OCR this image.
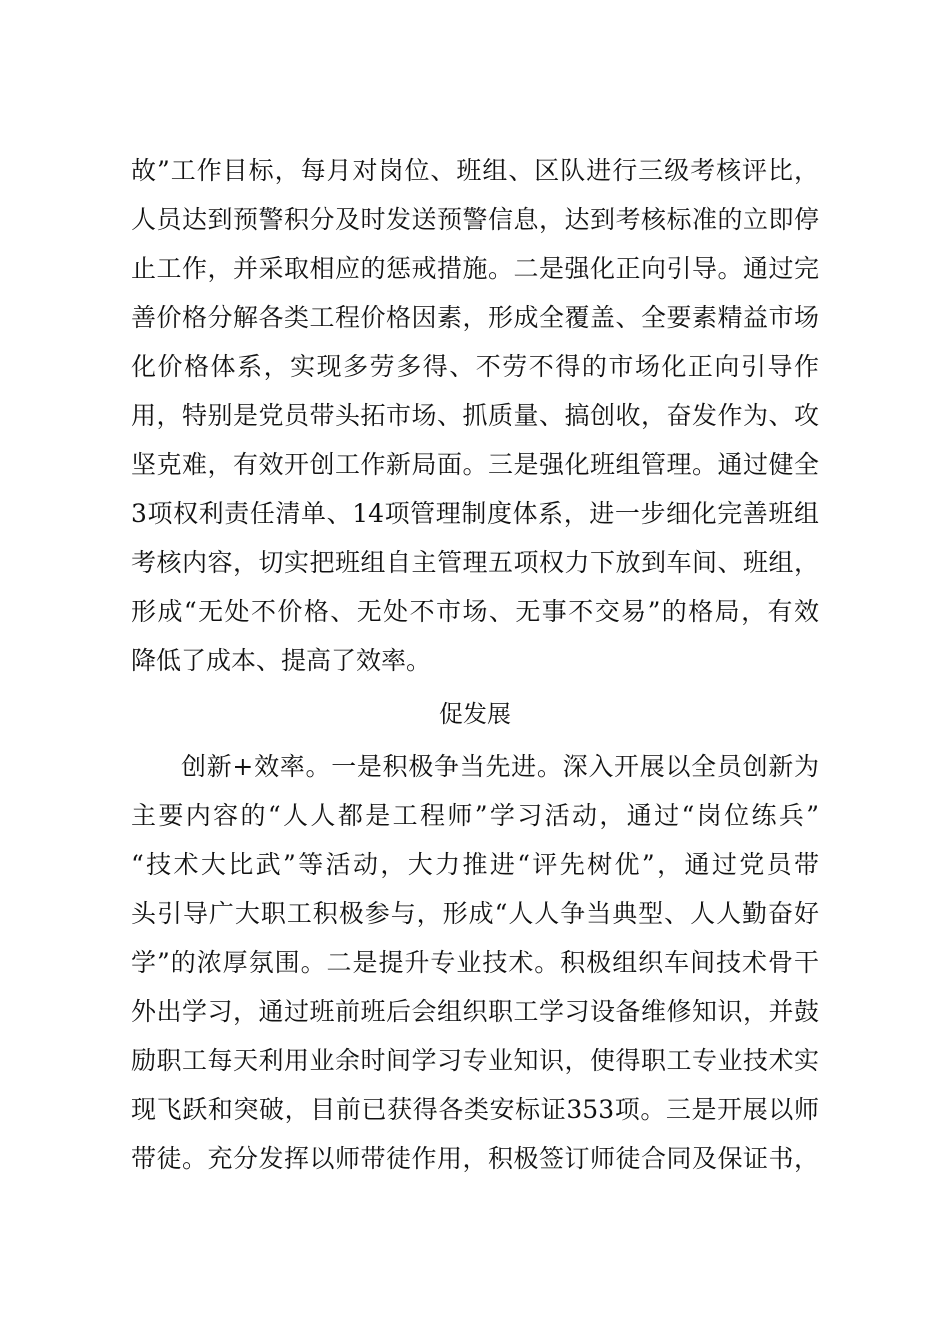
故”工作目标，每月对岗位、班组、区队进行三级考核评比，
人员达到预警积分及时发送预警信息，达到考核标准的立即停
止工作，并采取相应的惩戒措施。二是强化正向引导。通过完
善价格分解各类工程价格因素，形成全覆盖、全要素精益市场
化价格体系，实现多劳多得、不劳不得的市场化正向引导作
用，特别是党员带头拓市场、抓质量、搞创收，奋发作为、攻
坚克难，有效开创工作新局面。三是强化班组管理。通过健全
3项权利责任清单、14项管理制度体系，进一步细化完善班组
考核内容，切实把班组自主管理五项权力下放到车间、班组，
形成“无处不价格、无处不市场、无事不交易”的格局，有效
降低了成本、提高了效率。
促发展
创新+效率。一是积极争当先进。深入开展以全员创新为
主要内容的“人人都是工程师”学习活动，通过“岗位练兵”
“技术大比武”等活动，大力推进“评先树优”，通过党员带
头引导广大职工积极参与，形成“人人争当典型、人人勤奋好
学”的浓厚氛围。二是提升专业技术。积极组织车间技术骨干
外出学习，通过班前班后会组织职工学习设备维修知识，并鼓
励职工每天利用业余时间学习专业知识，使得职工专业技术实
现飞跃和突破，目前已获得各类安标证353项。三是开展以师
带徒。充分发挥以师带徒作用，积极签订师徒合同及保证书，
